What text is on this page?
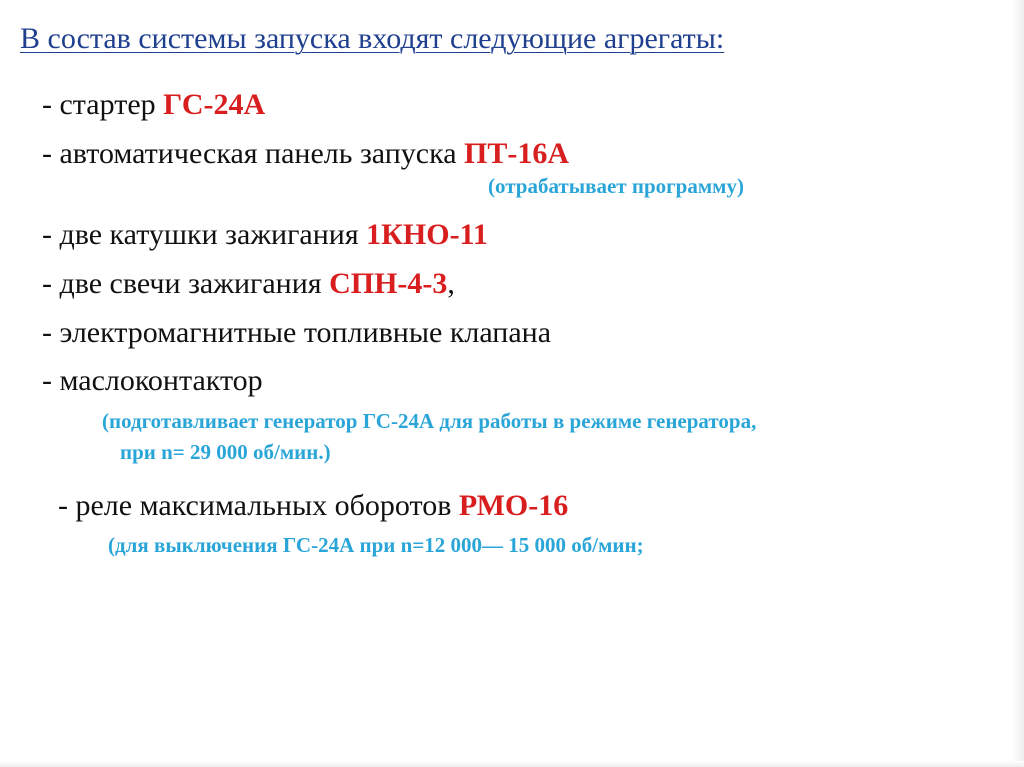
В состав системы запуска входят следующие агрегаты:
- стартер ГС-24А
- автоматическая панель запуска ПТ-16А
(отрабатывает программу)
- две катушки зажигания 1КНО-11
- две свечи зажигания СПН-4-3,
- электромагнитные топливные клапана
- маслоконтактор
(подготавливает генератор ГС-24А для работы в режиме генератора,
при n= 29 000 об/мин.)
- реле максимальных оборотов РМО-16
(для выключения ГС-24А при n=12 000— 15 000 об/мин;
